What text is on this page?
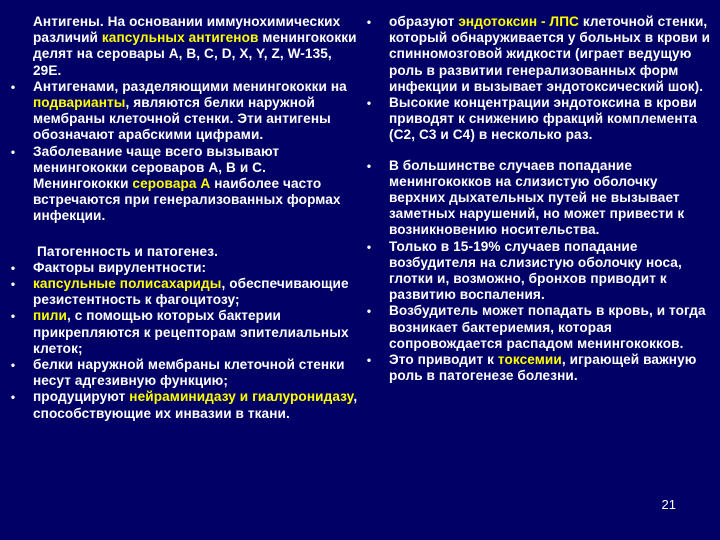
Антигены. На основании иммунохимических различий капсульных антигенов менингококки делят на серовары A, B, C, D, X, Y, Z, W-135, 29E.

•	Антигенами, разделяющими менингококки на подварианты, являются белки наружной мембраны клеточной стенки. Эти антигены обозначают арабскими цифрами.

•	Заболевание чаще всего вызывают менингококки сероваров A, B и C. Менингококки серовара А наиболее часто встречаются при генерализованных формах инфекции.

Патогенность и патогенез.

•	Факторы вирулентности:

•	капсульные полисахариды, обеспечивающие резистентность к фагоцитозу;

•	пили, с помощью которых бактерии прикрепляются к рецепторам эпителиальных клеток;

•	белки наружной мембраны клеточной стенки несут адгезивную функцию;

•	продуцируют нейраминидазу и гиалуронидазу, способствующие их инвазии в ткани.

•	образуют эндотоксин - ЛПС клеточной стенки, который обнаруживается у больных в крови и спинномозговой жидкости (играет ведущую роль в развитии генерализованных форм инфекции и вызывает эндотоксический шок).

•	Высокие концентрации эндотоксина в крови приводят к снижению фракций комплемента (С2, С3 и С4) в несколько раз.

•	В большинстве случаев попадание менингококков на слизистую оболочку верхних дыхательных путей не вызывает заметных нарушений, но может привести к возникновению носительства.

•	Только в 15-19% случаев попадание возбудителя на слизистую оболочку носа, глотки и, возможно, бронхов приводит к развитию воспаления.

•	Возбудитель может попадать в кровь, и тогда возникает бактериемия, которая сопровождается распадом менингококков.

•	Это приводит к токсемии, играющей важную роль в патогенезе болезни.

21
